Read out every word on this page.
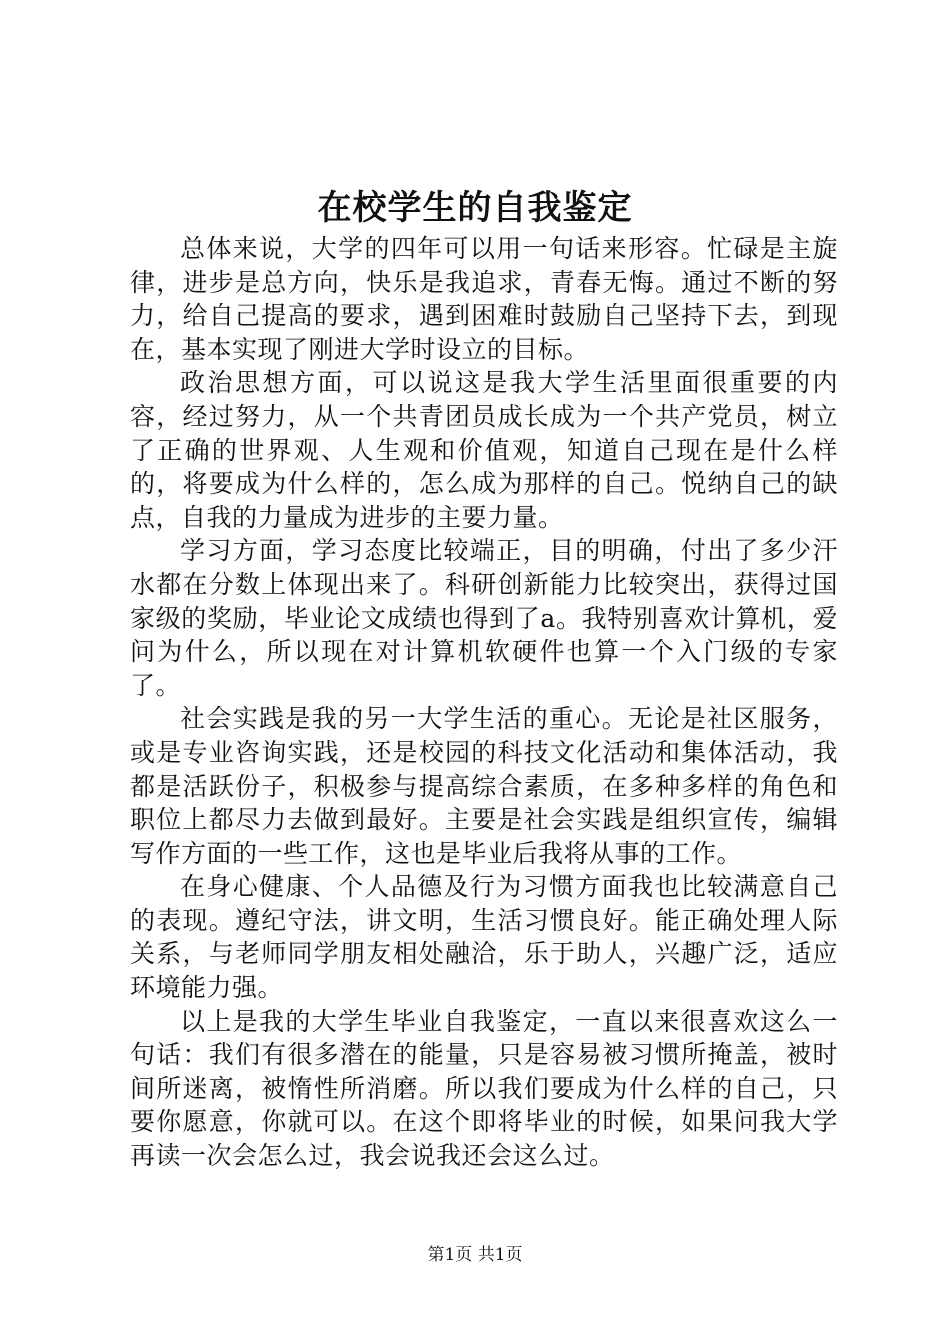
在校学生的自我鉴定

总体来说，大学的四年可以用一句话来形容。忙碌是主旋律，进步是总方向，快乐是我追求，青春无悔。通过不断的努力，给自己提高的要求，遇到困难时鼓励自己坚持下去，到现在，基本实现了刚进大学时设立的目标。

政治思想方面，可以说这是我大学生活里面很重要的内容，经过努力，从一个共青团员成长成为一个共产党员，树立了正确的世界观、人生观和价值观，知道自己现在是什么样的，将要成为什么样的，怎么成为那样的自己。悦纳自己的缺点，自我的力量成为进步的主要力量。

学习方面，学习态度比较端正，目的明确，付出了多少汗水都在分数上体现出来了。科研创新能力比较突出，获得过国家级的奖励，毕业论文成绩也得到了a。我特别喜欢计算机，爱问为什么，所以现在对计算机软硬件也算一个入门级的专家了。

社会实践是我的另一大学生活的重心。无论是社区服务，或是专业咨询实践，还是校园的科技文化活动和集体活动，我都是活跃份子，积极参与提高综合素质，在多种多样的角色和职位上都尽力去做到最好。主要是社会实践是组织宣传，编辑写作方面的一些工作，这也是毕业后我将从事的工作。

在身心健康、个人品德及行为习惯方面我也比较满意自己的表现。遵纪守法，讲文明，生活习惯良好。能正确处理人际关系，与老师同学朋友相处融洽，乐于助人，兴趣广泛，适应环境能力强。

以上是我的大学生毕业自我鉴定，一直以来很喜欢这么一句话：我们有很多潜在的能量，只是容易被习惯所掩盖，被时间所迷离，被惰性所消磨。所以我们要成为什么样的自己，只要你愿意，你就可以。在这个即将毕业的时候，如果问我大学再读一次会怎么过，我会说我还会这么过。

第1页 共1页
